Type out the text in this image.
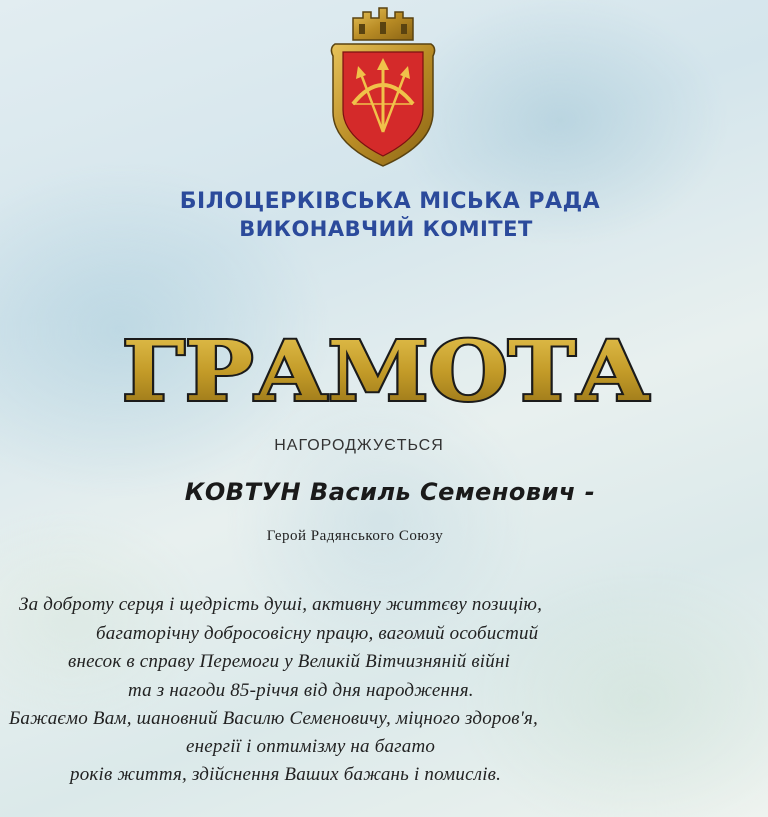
БІЛОЦЕРКІВСЬКА МІСЬКА РАДА
ВИКОНАВЧИЙ КОМІТЕТ
ГРАМОТА
НАГОРОДЖУЄТЬСЯ
КОВТУН Василь Семенович -
Герой Радянського Союзу
За доброту серця і щедрість душі, активну життєву позицію,
багаторічну добросовісну працю, вагомий особистий
внесок в справу Перемоги у Великій Вітчизняній війні
та з нагоди 85-річчя від дня народження.
Бажаємо Вам, шановний Василю Семеновичу, міцного здоров'я,
енергії і оптимізму на багато
років життя, здійснення Ваших бажань і помислів.
